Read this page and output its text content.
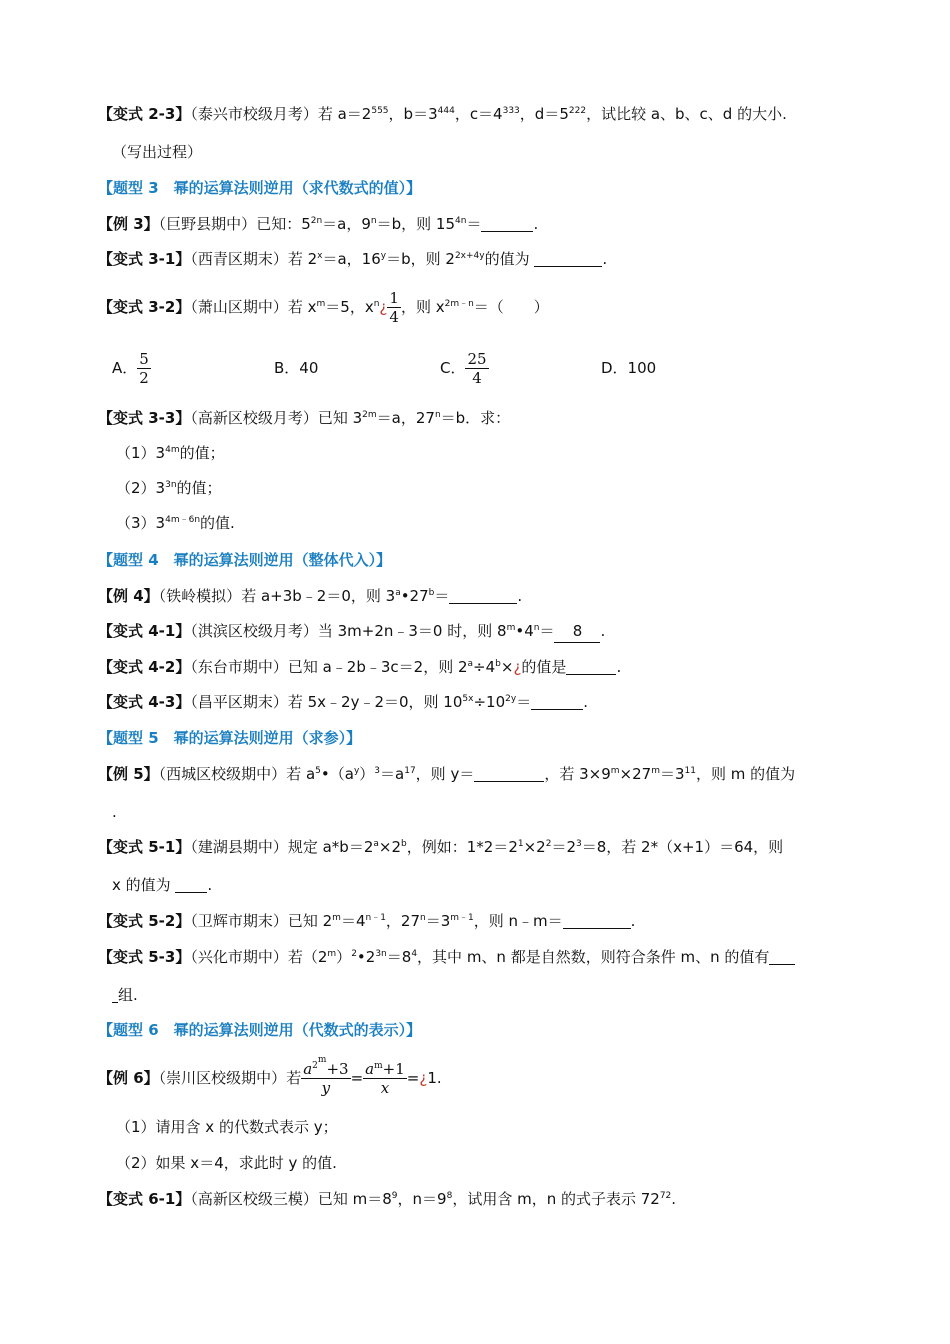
【变式 2-3】（泰兴市校级月考）若 $a=2^{555}$，$b=3^{444}$，$c=4^{333}$，$d=5^{222}$，试比较 a、b、c、d 的大小.
（写出过程）
【题型 3　幂的运算法则逆用（求代数式的值）】
【例 3】（巨野县期中）已知：$5^{2n}=a$，$9^n=b$，则 $15^{4n}=$	.
【变式 3-1】（西青区期末）若 $2^x=a$，$16^y=b$，则 $2^{2x+4y}$的值为	.
【变式 3-2】（萧山区期中）若 $x^m=5$，$x^n¿ \frac{1}{4}$ ，则 $x^{2m﹣n}=$（　　）
A． $\frac{5}{2}$	B．40	C． $\frac{25}{4}$	D．100
【变式 3-3】（高新区校级月考）已知 $3^{2m}=a$，$27^n=b$．求：
$(1)3^{4m}$的值；
$(2)3^{3n}$的值；
$(3)3^{4m﹣6n}$的值.
【题型 4　幂的运算法则逆用（整体代入）】
【例 4】（铁岭模拟）若 a+3b﹣2＝0，则 $3^a•27^b=$	.
【变式 4-1】（淇滨区校级月考）当 3m+2n﹣3＝0 时，则 $8^m•4^n= 8$ .
【变式 4-2】（东台市期中）已知 a﹣2b﹣3c＝2，则 $2^a\div 4^b\times¿$的值是	.
【变式 4-3】（昌平区期末）若 5x﹣2y﹣2＝0，则 $10^{5x}\div 10^{2y}=$	.
【题型 5　幂的运算法则逆用（求参）】
【例 5】（西城区校级期中）若 $a^5•(a^y)^3=a^{17}$，则 y＝	，若 $3\times 9^m\times 27^m=3^{11}$，则 m 的值为
.
【变式 5-1】（建湖县期中）规定 $a*b=2^a\times 2^b$，例如：$1*2=2^1\times 2^2=2^3=8$，若 2*（x+1）＝64，则
x 的值为 .
【变式 5-2】（卫辉市期末）已知 $2^m=4^{n﹣1}$，$27^n=3^{m﹣1}$，则 n﹣m＝	.
【变式 5-3】（兴化市期中）若$(2^m)^2•2^{3n}=8^4$，其中 m、n 都是自然数，则符合条件 m、n 的值有
组.
【题型 6　幂的运算法则逆用（代数式的表示）】
【例 6】（崇川区校级期中）若 $\frac{a^{2^m}+3}{y} = \frac{a^m+1}{x}$ =¿1.
（1）请用含 x 的代数式表示 y；
（2）如果 x＝4，求此时 y 的值.
【变式 6-1】（高新区校级三模）已知 $m=8^9$，$n=9^8$，试用含 m，n 的式子表示 $72^{72}$.
